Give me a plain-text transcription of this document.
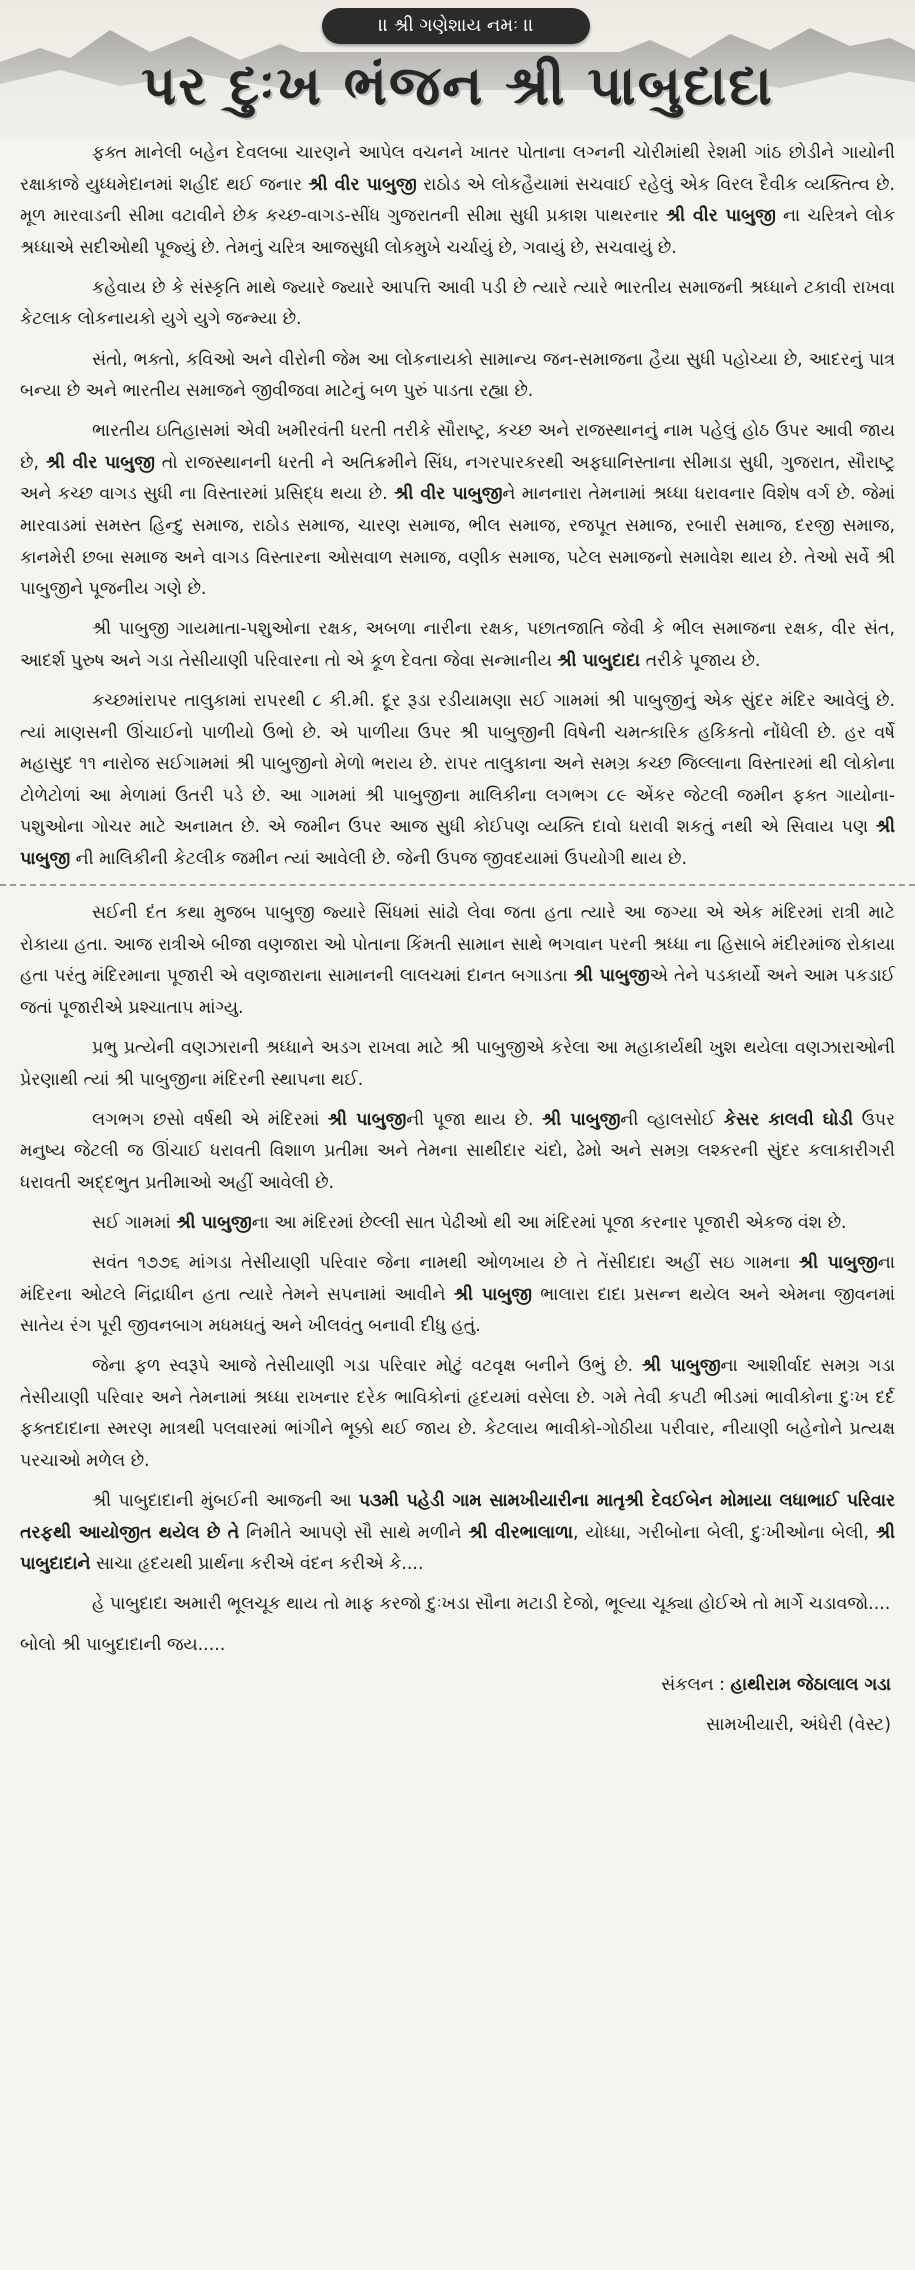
।। શ્રી ગણેશાય નમઃ ।।
પર દુઃખ ભંજન શ્રી પાબુદાદા

ફક્ત માનેલી બહેન દેવલબા ચારણને આપેલ વચનને ખાતર પોતાના લગ્નની ચોરીમાંથી રેશમી ગાંઠ છોડીને ગાયોની રક્ષાકાજે યુધ્ધમેદાનમાં શહીદ થઈ જનાર શ્રી વીર પાબુજી રાઠોડ એ લોકહૈયામાં સચવાઈ રહેલું એક વિરલ દૈવીક વ્યક્તિત્વ છે. મૂળ મારવાડની સીમા વટાવીને છેક કચ્છ-વાગડ-સીંધ ગુજરાતની સીમા સુધી પ્રકાશ પાથરનાર શ્રી વીર પાબુજી ના ચરિત્રને લોક શ્રધ્ધાએ સદીઓથી પૂજ્યું છે. તેમનું ચરિત્ર આજસુધી લોકમુખે ચર્ચાયું છે, ગવાયું છે, સચવાયું છે.

કહેવાય છે કે સંસ્કૃતિ માથે જ્યારે જ્યારે આપત્તિ આવી પડી છે ત્યારે ત્યારે ભારતીય સમાજની શ્રધ્ધાને ટકાવી રાખવા કેટલાક લોકનાયકો યુગે યુગે જન્મ્યા છે.

સંતો, ભક્તો, કવિઓ અને વીરોની જેમ આ લોકનાયકો સામાન્ય જન-સમાજના હૈયા સુધી પહોચ્યા છે, આદરનું પાત્ર બન્યા છે અને ભારતીય સમાજને જીવીજવા માટેનું બળ પુરું પાડતા રહ્યા છે.

ભારતીય ઇતિહાસમાં એવી ખમીરવંતી ધરતી તરીકે સૌરાષ્ટ્ર, કચ્છ અને રાજસ્થાનનું નામ પહેલું હોઠ ઉપર આવી જાય છે, શ્રી વીર પાબુજી તો રાજસ્થાનની ધરતી ને અતિક્રમીને સિંધ, નગરપારકરથી અફઘાનિસ્તાના સીમાડા સુધી, ગુજરાત, સૌરાષ્ટ્ર અને કચ્છ વાગડ સુધી ના વિસ્તારમાં પ્રસિદ્ધ થયા છે. શ્રી વીર પાબુજીને માનનારા તેમનામાં શ્રધ્ધા ધરાવનાર વિશેષ વર્ગ છે. જેમાં મારવાડમાં સમસ્ત હિન્દુ સમાજ, રાઠોડ સમાજ, ચારણ સમાજ, ભીલ સમાજ, રજપૂત સમાજ, રબારી સમાજ, દરજી સમાજ, કાનમેરી છબા સમાજ અને વાગડ વિસ્તારના ઓસવાળ સમાજ, વણીક સમાજ, પટેલ સમાજનો સમાવેશ થાય છે. તેઓ સર્વે શ્રી પાબુજીને પૂજનીય ગણે છે.

શ્રી પાબુજી ગાયમાતા-પશુઓના રક્ષક, અબળા નારીના રક્ષક, પછાતજાતિ જેવી કે ભીલ સમાજના રક્ષક, વીર સંત, આદર્શ પુરુષ અને ગડા તેસીયાણી પરિવારના તો એ કૂળ દેવતા જેવા સન્માનીય શ્રી પાબુદાદા તરીકે પૂજાય છે.

કચ્છમાંરાપર તાલુકામાં રાપરથી ૮ કી.મી. દૂર રૂડા રડીયામણા સઈ ગામમાં શ્રી પાબુજીનું એક સુંદર મંદિર આવેલું છે. ત્યાં માણસની ઊંચાઈનો પાળીયો ઉભો છે. એ પાળીયા ઉપર શ્રી પાબુજીની વિષેની ચમત્કારિક હકિકતો નોંધેલી છે. હર વર્ષે મહાસુદ ૧૧ નારોજ સઈગામમાં શ્રી પાબુજીનો મેળો ભરાય છે. રાપર તાલુકાના અને સમગ્ર કચ્છ જિલ્લાના વિસ્તારમાં થી લોકોના ટોળેટોળાં આ મેળામાં ઉતરી પડે છે. આ ગામમાં શ્રી પાબુજીના માલિકીના લગભગ ૮૯ એંકર જેટલી જમીન ફક્ત ગાયોના-પશુઓના ગોચર માટે અનામત છે. એ જમીન ઉપર આજ સુધી કોઈપણ વ્યક્તિ દાવો ધરાવી શકતું નથી એ સિવાય પણ શ્રી પાબુજી ની માલિકીની કેટલીક જમીન ત્યાં આવેલી છે. જેની ઉપજ જીવદયામાં ઉપયોગી થાય છે.

સઈની દંત કથા મુજબ પાબુજી જ્યારે સિંધમાં સાંઢો લેવા જતા હતા ત્યારે આ જગ્યા એ એક મંદિરમાં રાત્રી માટે રોકાયા હતા. આજ રાત્રીએ બીજા વણજારા ઓ પોતાના કિંમતી સામાન સાથે ભગવાન પરની શ્રધ્ધા ના હિસાબે મંદીરમાંજ રોકાયા હતા પરંતુ મંદિરમાના પૂજારી એ વણજારાના સામાનની લાલચમાં દાનત બગાડતા શ્રી પાબુજીએ તેને પડકાર્યો અને આમ પકડાઈ જતાં પૂજારીએ પ્રશ્ચાતાપ માંગ્યુ.

પ્રભુ પ્રત્યેની વણઝારાની શ્રધ્ધાને અડગ રાખવા માટે શ્રી પાબુજીએ કરેલા આ મહાકાર્યથી ખુશ થયેલા વણઝારાઓની પ્રેરણાથી ત્યાં શ્રી પાબુજીના મંદિરની સ્થાપના થઈ.

લગભગ છસો વર્ષથી એ મંદિરમાં શ્રી પાબુજીની પૂજા થાય છે. શ્રી પાબુજીની વ્હાલસોઈ કેસર કાલવી ઘોડી ઉપર મનુષ્ય જેટલી જ ઊંચાઈ ધરાવતી વિશાળ પ્રતીમા અને તેમના સાથીદાર ચંદો, ઢેમો અને સમગ્ર લશ્કરની સુંદર કલાકારીગરી ધરાવતી અદ્દભુત પ્રતીમાઓ અહીં આવેલી છે.

સઈ ગામમાં શ્રી પાબુજીના આ મંદિરમાં છેલ્લી સાત પેઢીઓ થી આ મંદિરમાં પૂજા કરનાર પૂજારી એકજ વંશ છે.

સવંત ૧૭૭૬ માંગડા તેસીયાણી પરિવાર જેના નામથી ઓળખાય છે તે તેંસીદાદા અહીં સઇ ગામના શ્રી પાબુજીના મંદિરના ઓટલે નિંદ્રાધીન હતા ત્યારે તેમને સપનામાં આવીને શ્રી પાબુજી ભાલારા દાદા પ્રસન્ન થયેલ અને એમના જીવનમાં સાતેય રંગ પૂરી જીવનબાગ મધમધતું અને ખીલવંતુ બનાવી દીધુ હતું.

જેના ફળ સ્વરૂપે આજે તેસીયાણી ગડા પરિવાર મોટું વટવૃક્ષ બનીને ઉભું છે. શ્રી પાબુજીના આશીર્વાદ સમગ્ર ગડા તેસીયાણી પરિવાર અને તેમનામાં શ્રધ્ધા રાખનાર દરેક ભાવિકોનાં હૃદયમાં વસેલા છે. ગમે તેવી કપટી ભીડમાં ભાવીકોના દુઃખ દર્દ ફક્તદાદાના સ્મરણ માત્રથી પલવારમાં ભાંગીને ભૂક્કો થઈ જાય છે. કેટલાય ભાવીકો-ગોઠીયા પરીવાર, નીયાણી બહેનોને પ્રત્યક્ષ પરચાઓ મળેલ છે.

શ્રી પાબુદાદાની મુંબઈની આજની આ પ૩મી પહેડી ગામ સામખીયારીના માતૃશ્રી દેવઈબેન મોમાયા લધાભાઈ પરિવાર તરફથી આયોજીત થયેલ છે તે નિમીતે આપણે સૌ સાથે મળીને શ્રી વીરભાલાળા, યોધ્ધા, ગરીબોના બેલી, દુઃખીઓના બેલી, શ્રી પાબુદાદાને સાચા હૃદયથી પ્રાર્થના કરીએ વંદન કરીએ કે....

હે પાબુદાદા અમારી ભૂલચૂક થાય તો માફ કરજો દુઃખડા સૌના મટાડી દેજો, ભૂલ્યા ચૂક્યા હોઈએ તો માર્ગે ચડાવજો....

બોલો શ્રી પાબુદાદાની જય.....

સંકલન : હાથીરામ જેઠાલાલ ગડા

સામખીયારી, અંધેરી (વેસ્ટ)
